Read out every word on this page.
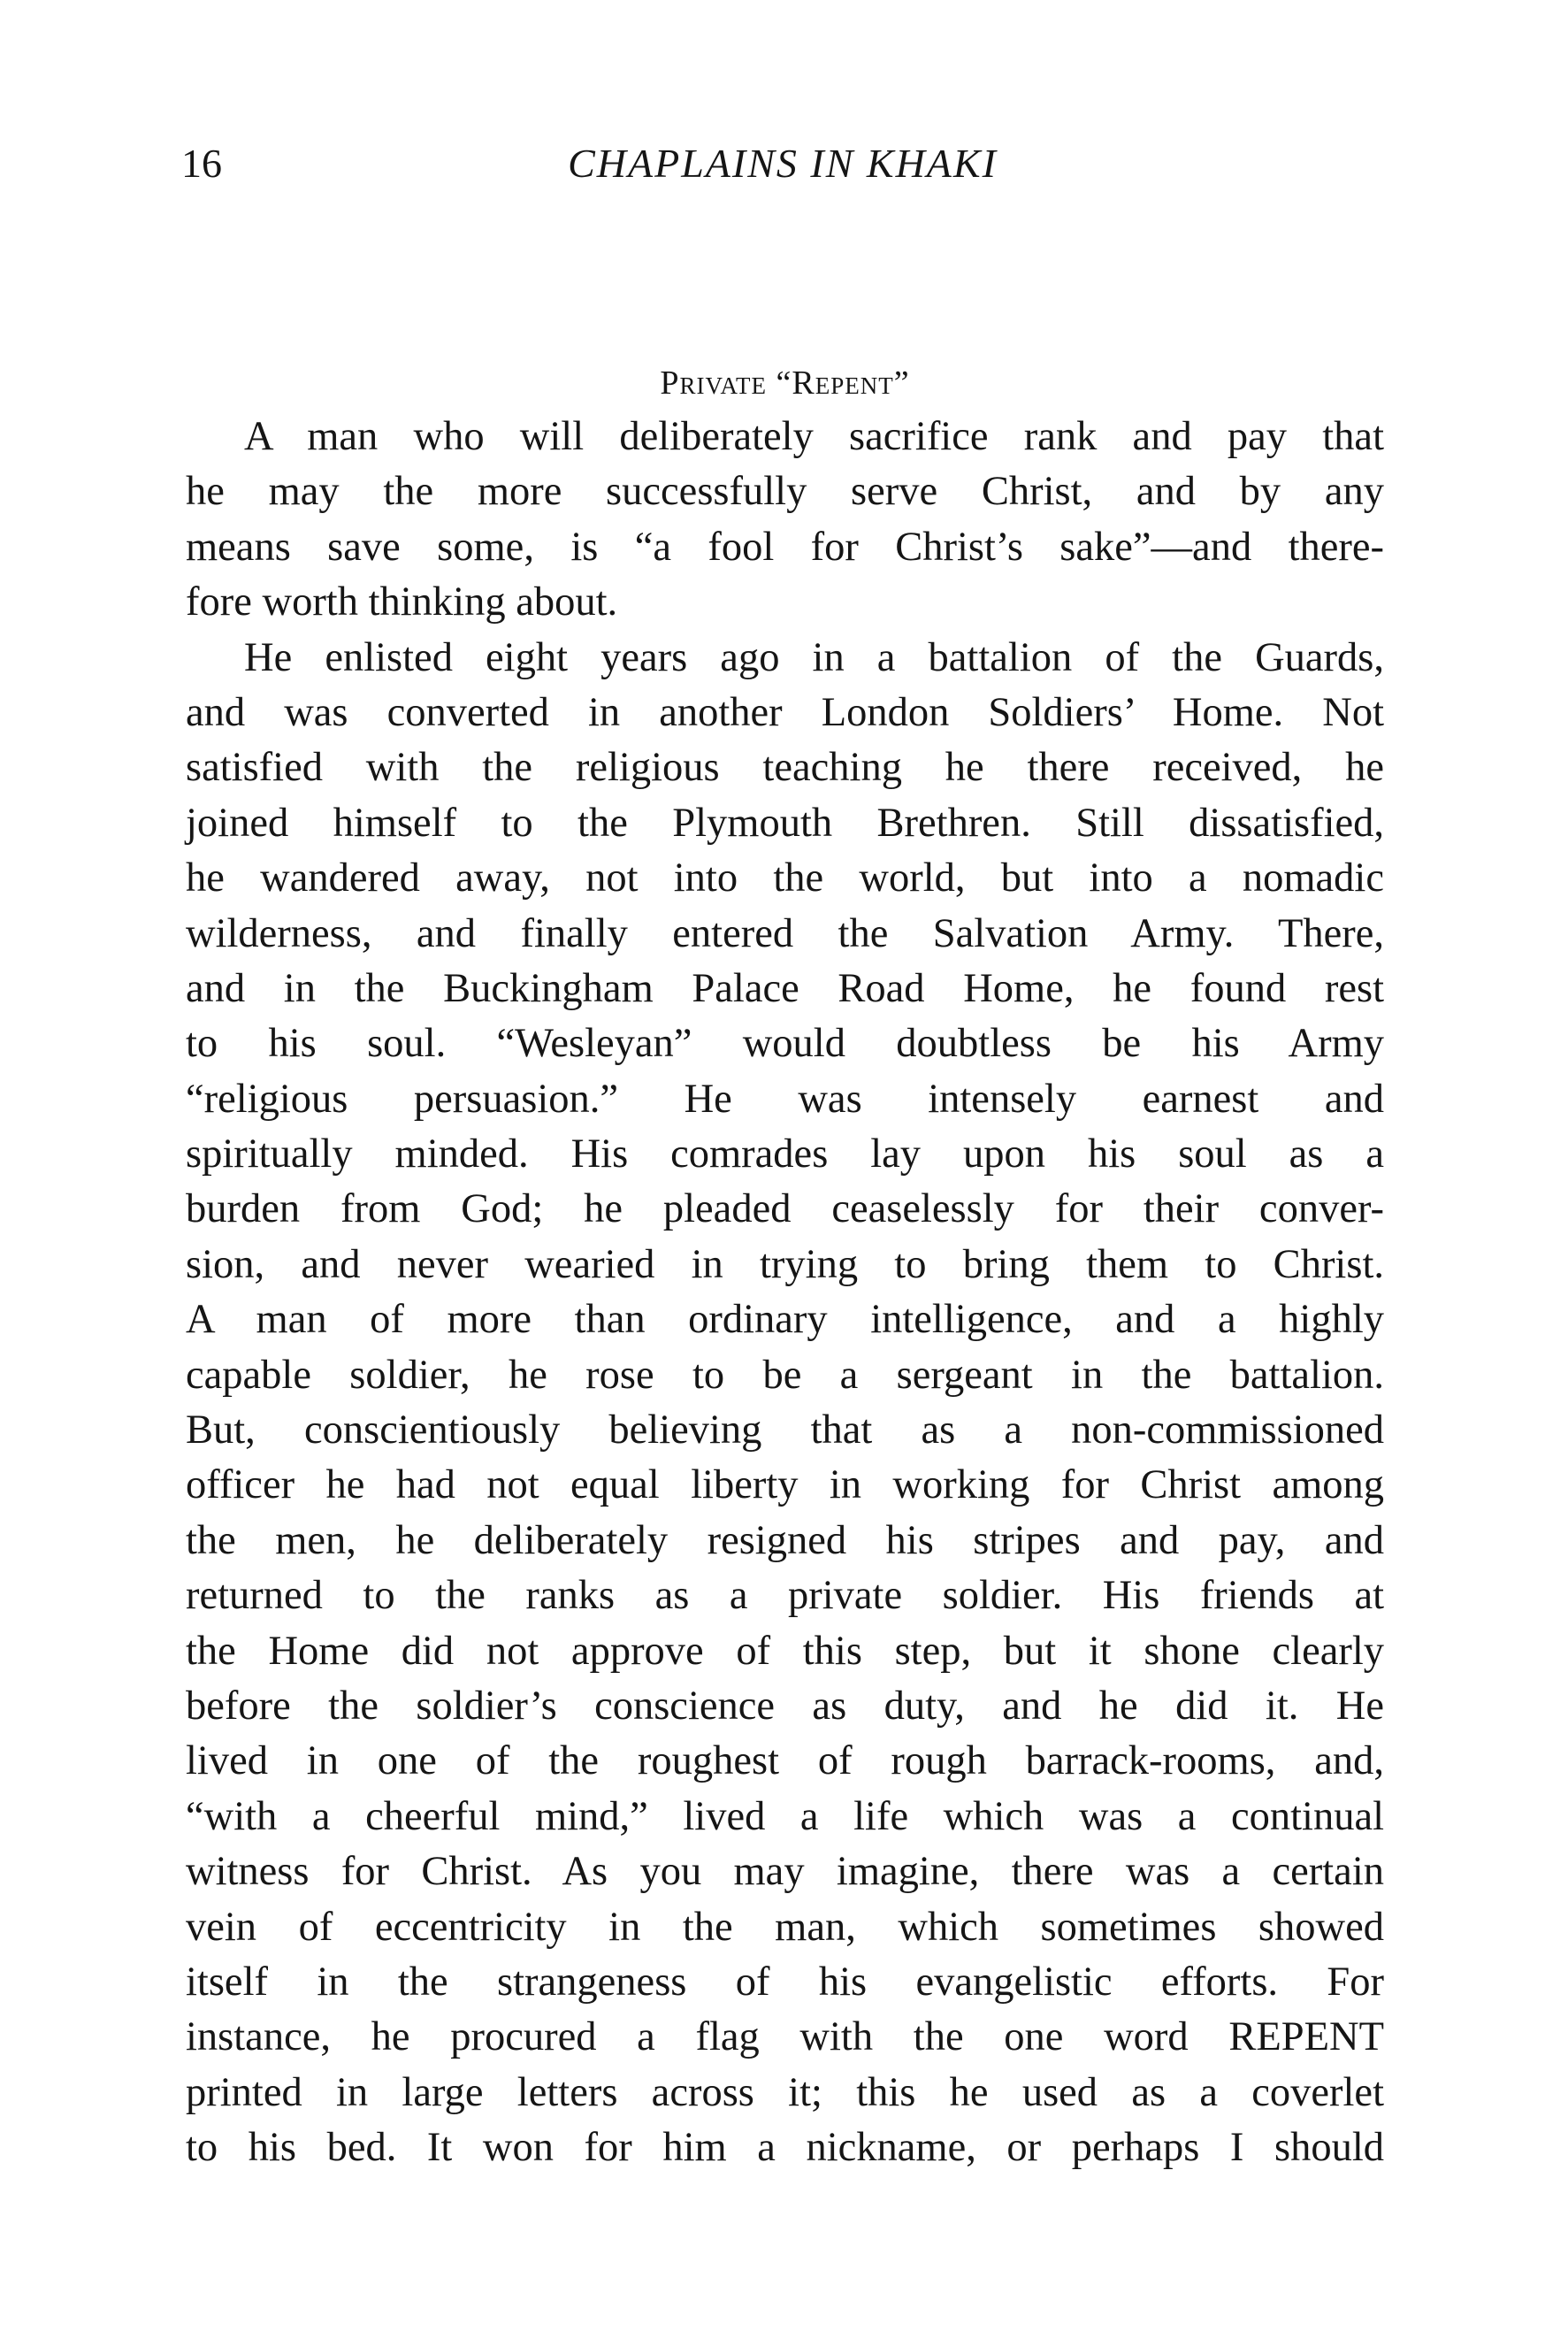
16	CHAPLAINS IN KHAKI
Private “Repent”
A man who will deliberately sacrifice rank and pay that
he may the more successfully serve Christ, and by any
means save some, is “a fool for Christ’s sake”—and there-
fore worth thinking about.
He enlisted eight years ago in a battalion of the Guards,
and was converted in another London Soldiers’ Home. Not
satisfied with the religious teaching he there received, he
joined himself to the Plymouth Brethren. Still dissatisfied,
he wandered away, not into the world, but into a nomadic
wilderness, and finally entered the Salvation Army. There,
and in the Buckingham Palace Road Home, he found rest
to his soul. “Wesleyan” would doubtless be his Army
“religious persuasion.” He was intensely earnest and
spiritually minded. His comrades lay upon his soul as a
burden from God; he pleaded ceaselessly for their conver-
sion, and never wearied in trying to bring them to Christ.
A man of more than ordinary intelligence, and a highly
capable soldier, he rose to be a sergeant in the battalion.
But, conscientiously believing that as a non-commissioned
officer he had not equal liberty in working for Christ among
the men, he deliberately resigned his stripes and pay, and
returned to the ranks as a private soldier. His friends at
the Home did not approve of this step, but it shone clearly
before the soldier’s conscience as duty, and he did it. He
lived in one of the roughest of rough barrack-rooms, and,
“with a cheerful mind,” lived a life which was a continual
witness for Christ. As you may imagine, there was a certain
vein of eccentricity in the man, which sometimes showed
itself in the strangeness of his evangelistic efforts. For
instance, he procured a flag with the one word REPENT
printed in large letters across it; this he used as a coverlet
to his bed. It won for him a nickname, or perhaps I should
